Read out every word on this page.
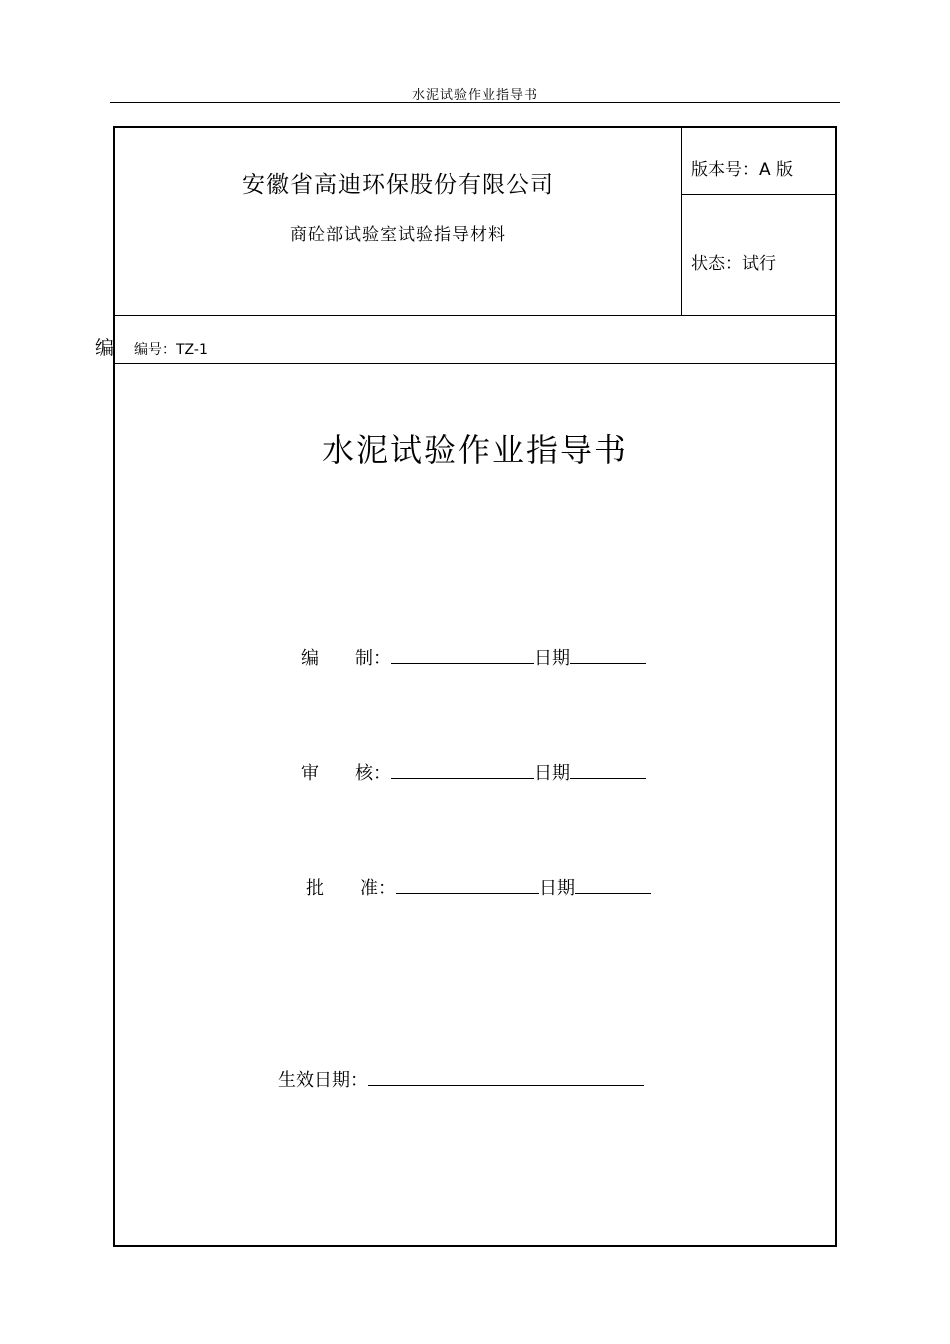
水泥试验作业指导书
编
安徽省高迪环保股份有限公司
商砼部试验室试验指导材料
版本号：A 版
状态：试行
编号：TZ-1
水泥试验作业指导书
编　　制：	日期
审　　核：	日期
批　　准：	日期
生效日期：
